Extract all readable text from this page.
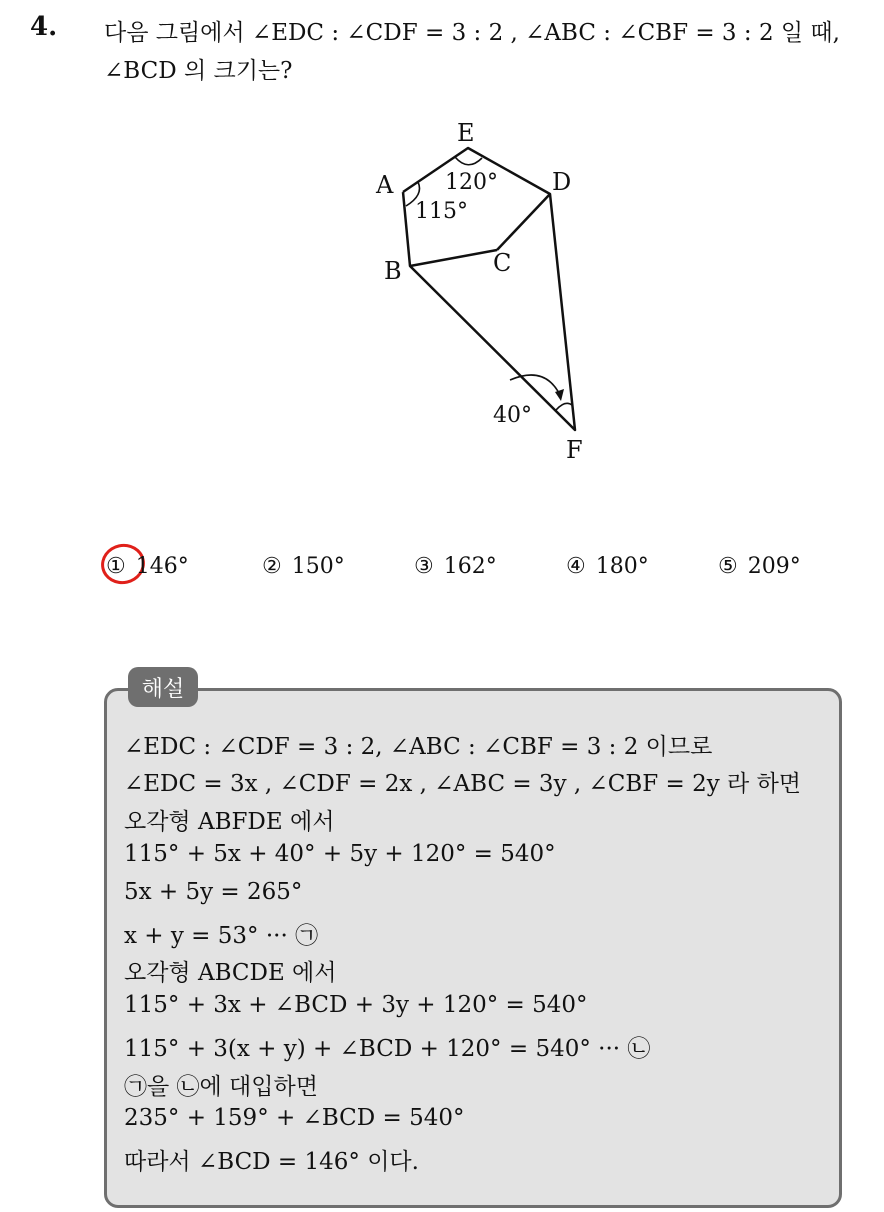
4. 다음 그림에서 ∠EDC : ∠CDF = 3 : 2 , ∠ABC : ∠CBF = 3 : 2 일 때,
∠BCD 의 크기는?
E
A	D
B	C
F
120°
115°
40°
① 146°	② 150°	③ 162°	④ 180°	⑤ 209°
해설
∠EDC : ∠CDF = 3 : 2, ∠ABC : ∠CBF = 3 : 2 이므로
∠EDC = 3x , ∠CDF = 2x , ∠ABC = 3y , ∠CBF = 2y 라 하면
오각형 ABFDE 에서
115° + 5x + 40° + 5y + 120° = 540°
5x + 5y = 265°
x + y = 53° ··· ㉠
오각형 ABCDE 에서
115° + 3x + ∠BCD + 3y + 120° = 540°
115° + 3(x + y) + ∠BCD + 120° = 540° ··· ㉡
㉠을 ㉡에 대입하면
235° + 159° + ∠BCD = 540°
따라서 ∠BCD = 146° 이다.
